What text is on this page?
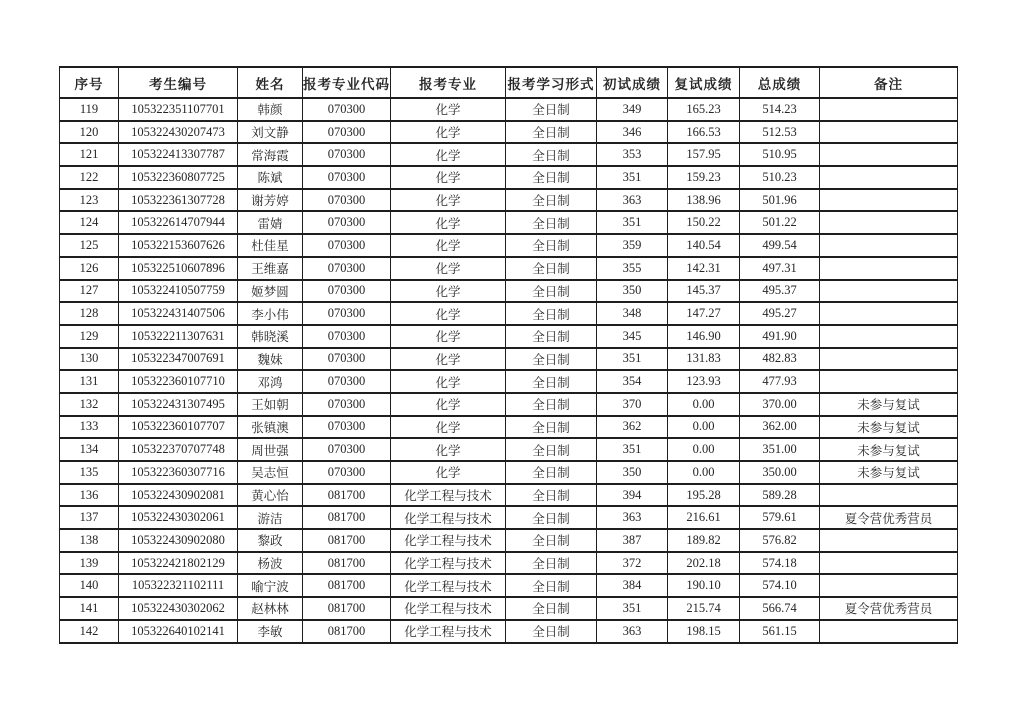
序号	考生编号	姓名	报考专业代码	报考专业	报考学习形式	初试成绩	复试成绩	总成绩	备注
119	105322351107701	韩颜	070300	化学	全日制	349	165.23	514.23	
120	105322430207473	刘文静	070300	化学	全日制	346	166.53	512.53	
121	105322413307787	常海霞	070300	化学	全日制	353	157.95	510.95	
122	105322360807725	陈斌	070300	化学	全日制	351	159.23	510.23	
123	105322361307728	谢芳婷	070300	化学	全日制	363	138.96	501.96	
124	105322614707944	雷婧	070300	化学	全日制	351	150.22	501.22	
125	105322153607626	杜佳星	070300	化学	全日制	359	140.54	499.54	
126	105322510607896	王维嘉	070300	化学	全日制	355	142.31	497.31	
127	105322410507759	姬梦圆	070300	化学	全日制	350	145.37	495.37	
128	105322431407506	李小伟	070300	化学	全日制	348	147.27	495.27	
129	105322211307631	韩晓溪	070300	化学	全日制	345	146.90	491.90	
130	105322347007691	魏妹	070300	化学	全日制	351	131.83	482.83	
131	105322360107710	邓鸿	070300	化学	全日制	354	123.93	477.93	
132	105322431307495	王如朝	070300	化学	全日制	370	0.00	370.00	未参与复试
133	105322360107707	张镇澳	070300	化学	全日制	362	0.00	362.00	未参与复试
134	105322370707748	周世强	070300	化学	全日制	351	0.00	351.00	未参与复试
135	105322360307716	吴志恒	070300	化学	全日制	350	0.00	350.00	未参与复试
136	105322430902081	黄心怡	081700	化学工程与技术	全日制	394	195.28	589.28	
137	105322430302061	游洁	081700	化学工程与技术	全日制	363	216.61	579.61	夏令营优秀营员
138	105322430902080	黎政	081700	化学工程与技术	全日制	387	189.82	576.82	
139	105322421802129	杨波	081700	化学工程与技术	全日制	372	202.18	574.18	
140	105322321102111	喻宁波	081700	化学工程与技术	全日制	384	190.10	574.10	
141	105322430302062	赵林林	081700	化学工程与技术	全日制	351	215.74	566.74	夏令营优秀营员
142	105322640102141	李敏	081700	化学工程与技术	全日制	363	198.15	561.15	
